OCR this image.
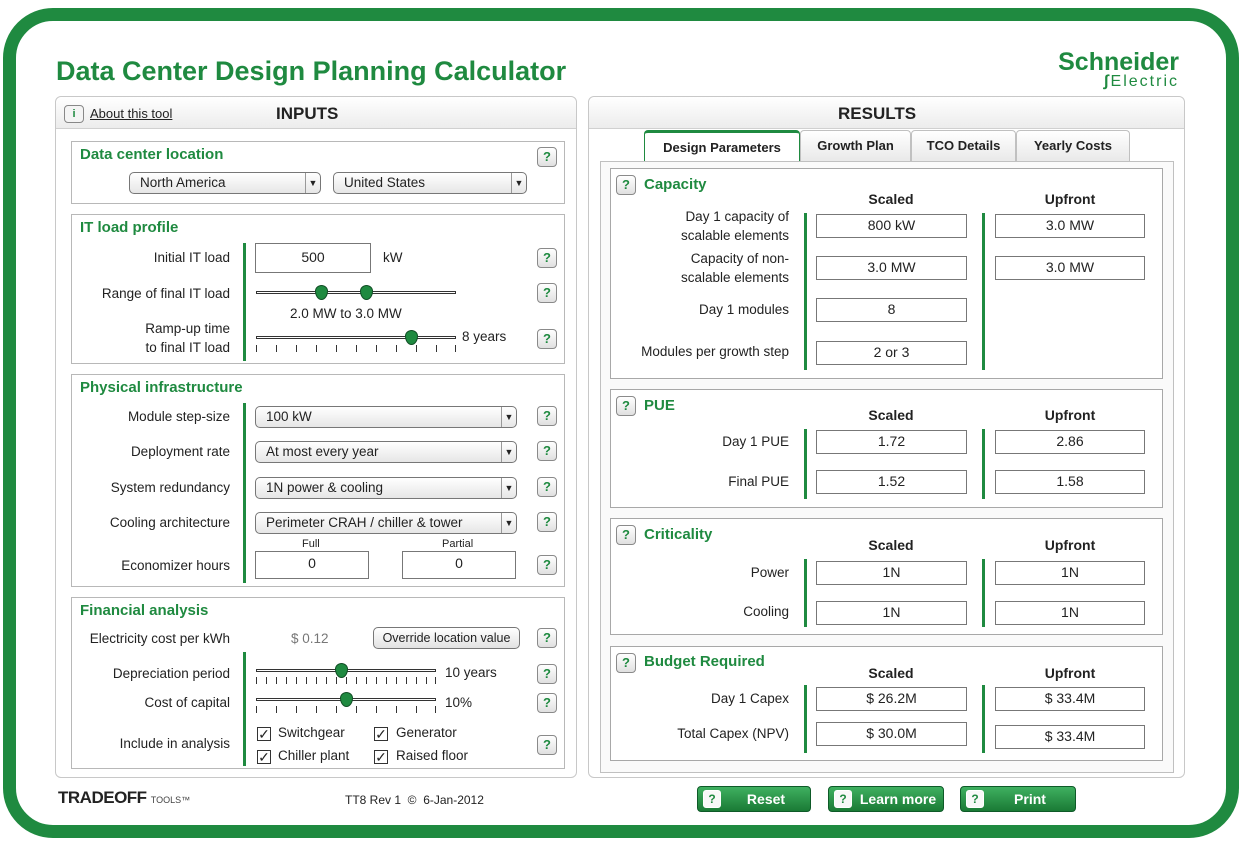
Data Center Design Planning Calculator	Schneider
∫Electric
i	About this tool	INPUTS
Data center location	?
North America	▼	United States	▼
IT load profile
Initial IT load	500	kW	?
Range of final IT load
2.0 MW to 3.0 MW
?
Ramp-up time
to final IT load
8 years	?
Physical infrastructure
Module step-size	100 kW	▼	?
Deployment rate	At most every year	▼	?
System redundancy	1N power & cooling	▼	?
Cooling architecture	Perimeter CRAH / chiller & tower	▼	?
Full	Partial
Economizer hours	0	0	?
Financial analysis
Electricity cost per kWh	$ 0.12	Override location value	?
Depreciation period	10 years	?
Cost of capital	10%	?
Include in analysis
✓ Switchgear ✓ Generator
✓ Chiller plant ✓ Raised floor
?
RESULTS
Design Parameters	Growth Plan	TCO Details	Yearly Costs
? Capacity
Scaled	Upfront
Day 1 capacity of
scalable elements
800 kW	3.0 MW
Capacity of non-
scalable elements
3.0 MW	3.0 MW
Day 1 modules	8
Modules per growth step	2 or 3
? PUE
Scaled	Upfront
Day 1 PUE	1.72	2.86
Final PUE	1.52	1.58
? Criticality
Scaled	Upfront
Power	1N	1N
Cooling	1N	1N
? Budget Required
Scaled	Upfront
Day 1 Capex	$ 26.2M	$ 33.4M
Total Capex (NPV)	$ 30.0M	$ 33.4M
TRADEOFF TOOLS™	TT8 Rev 1  ©  6-Jan-2012	?	Reset	? Learn more	?	Print
